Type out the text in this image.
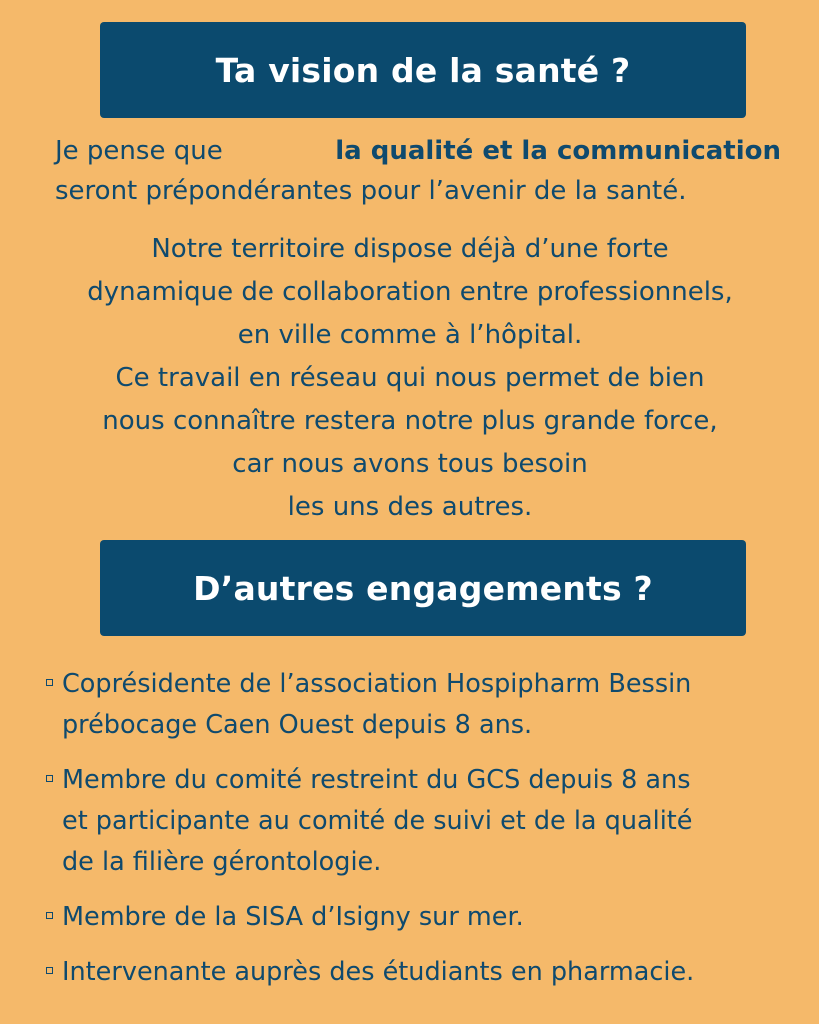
Ta vision de la santé ?
Je pense que	la qualité et la communication
seront prépondérantes pour l’avenir de la santé.

Notre territoire dispose déjà d’une forte

dynamique de collaboration entre professionnels,

en ville comme à l’hôpital.

Ce travail en réseau qui nous permet de bien

nous connaître restera notre plus grande force,

car nous avons tous besoin

les uns des autres.

D’autres engagements ?
Coprésidente de l’association Hospipharm Bessin
prébocage Caen Ouest depuis 8 ans.
Membre du comité restreint du GCS depuis 8 ans
et participante au comité de suivi et de la qualité
de la filière gérontologie.
Membre de la SISA d’Isigny sur mer.
Intervenante auprès des étudiants en pharmacie.
